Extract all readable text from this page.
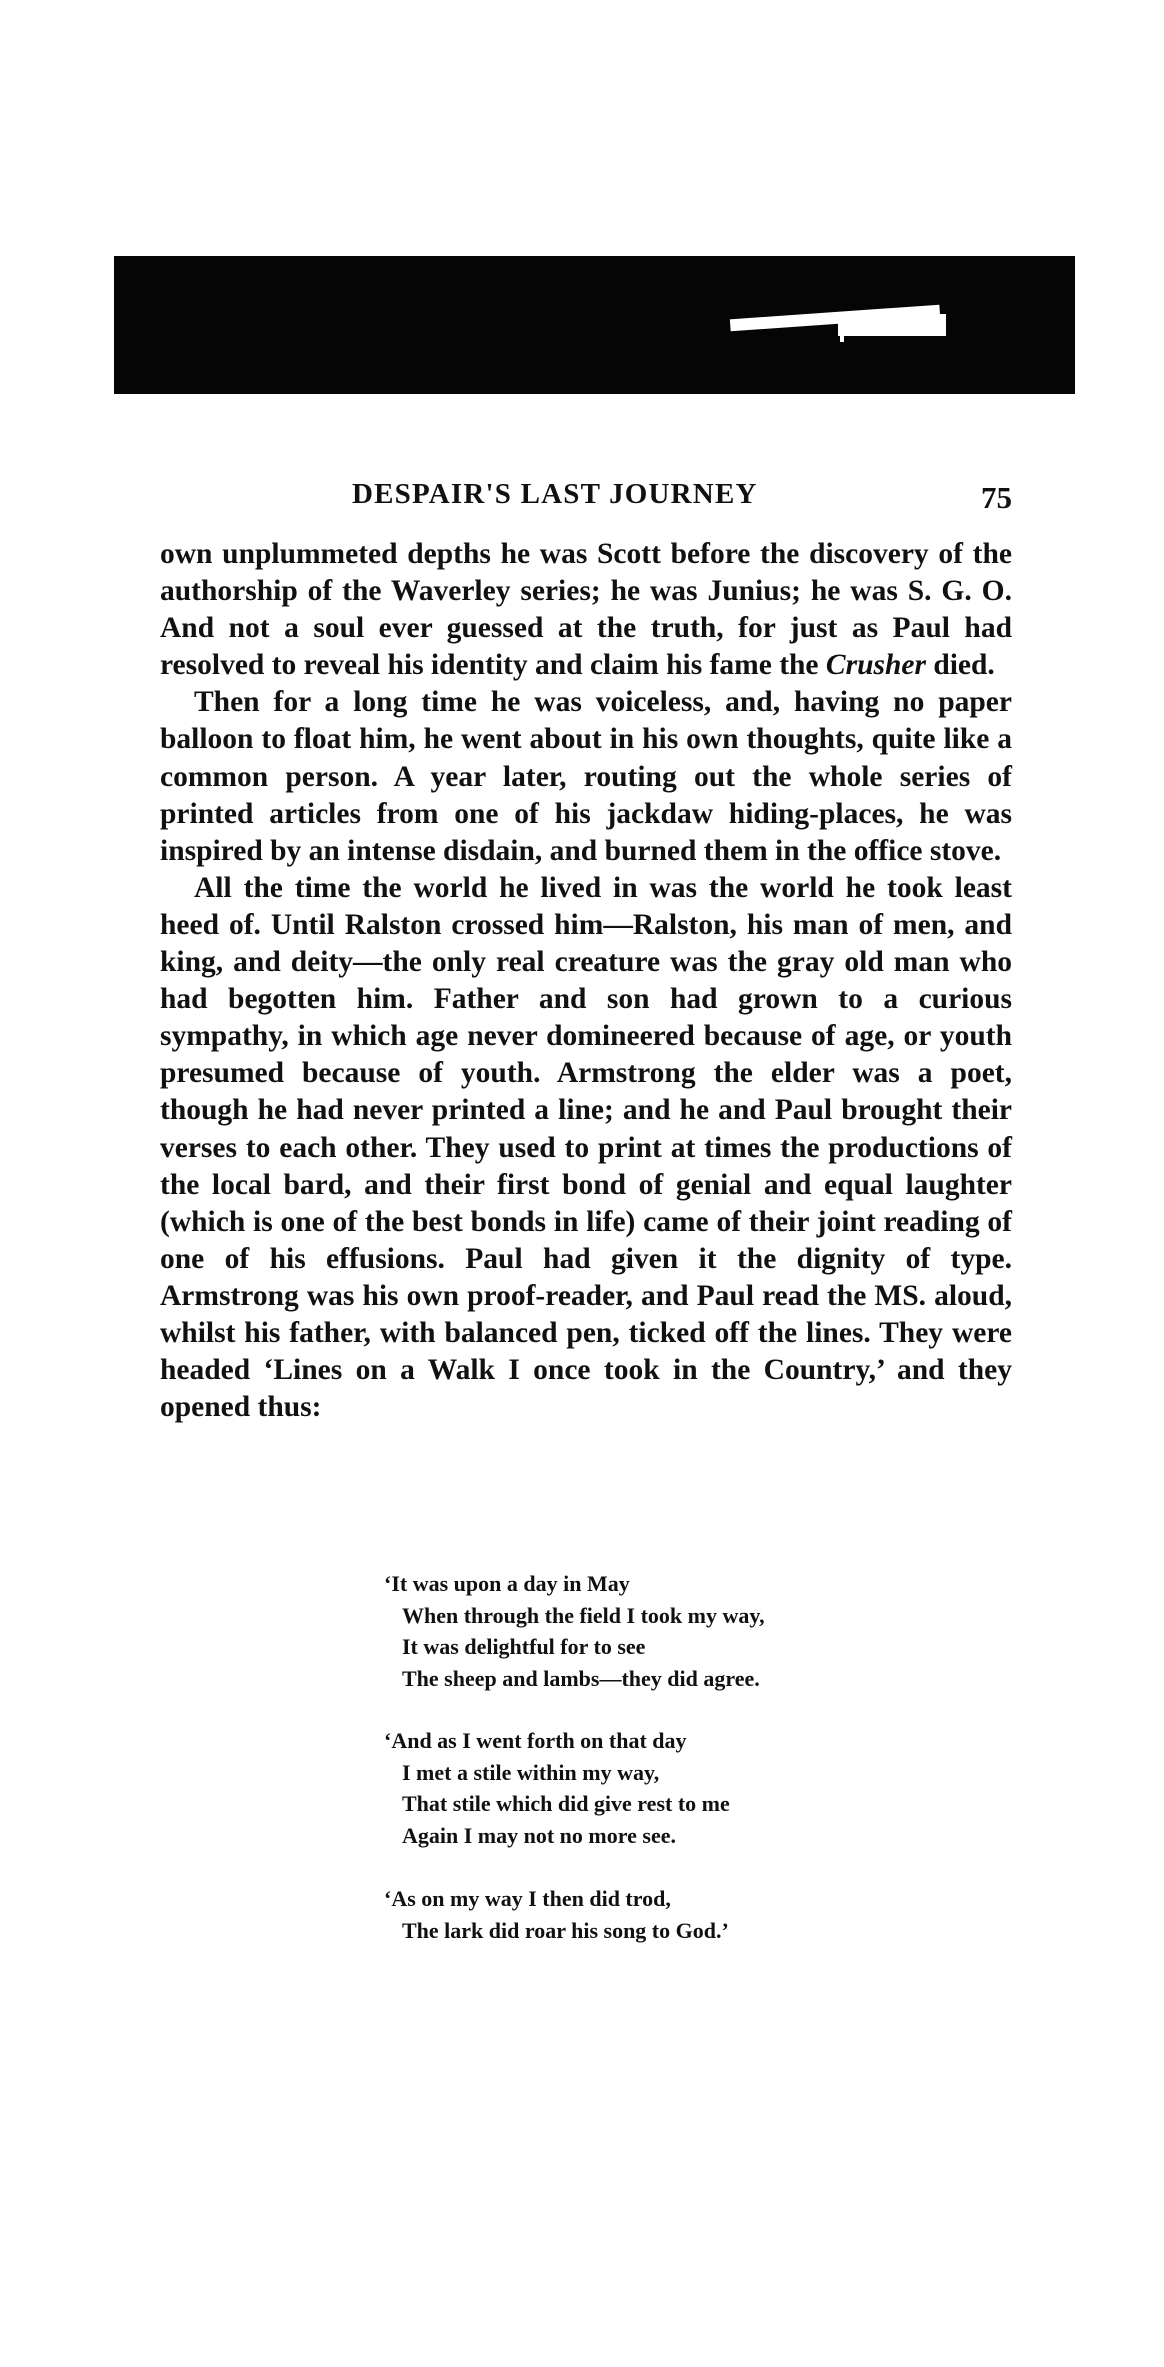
DESPAIR'S LAST JOURNEY	75

own unplummeted depths he was Scott before the discovery of the authorship of the Waverley series; he was Junius; he was S. G. O. And not a soul ever guessed at the truth, for just as Paul had resolved to reveal his identity and claim his fame the Crusher died.

Then for a long time he was voiceless, and, having no paper balloon to float him, he went about in his own thoughts, quite like a common person. A year later, routing out the whole series of printed articles from one of his jackdaw hiding-places, he was inspired by an intense disdain, and burned them in the office stove.

All the time the world he lived in was the world he took least heed of. Until Ralston crossed him—Ralston, his man of men, and king, and deity—the only real creature was the gray old man who had begotten him. Father and son had grown to a curious sympathy, in which age never domineered because of age, or youth presumed because of youth. Armstrong the elder was a poet, though he had never printed a line; and he and Paul brought their verses to each other. They used to print at times the productions of the local bard, and their first bond of genial and equal laughter (which is one of the best bonds in life) came of their joint reading of one of his effusions. Paul had given it the dignity of type. Armstrong was his own proof-reader, and Paul read the MS. aloud, whilst his father, with balanced pen, ticked off the lines. They were headed ‘Lines on a Walk I once took in the Country,’ and they opened thus:

‘It was upon a day in May
When through the field I took my way,
It was delightful for to see
The sheep and lambs—they did agree.
‘And as I went forth on that day
I met a stile within my way,
That stile which did give rest to me
Again I may not no more see.
‘As on my way I then did trod,
The lark did roar his song to God.’
